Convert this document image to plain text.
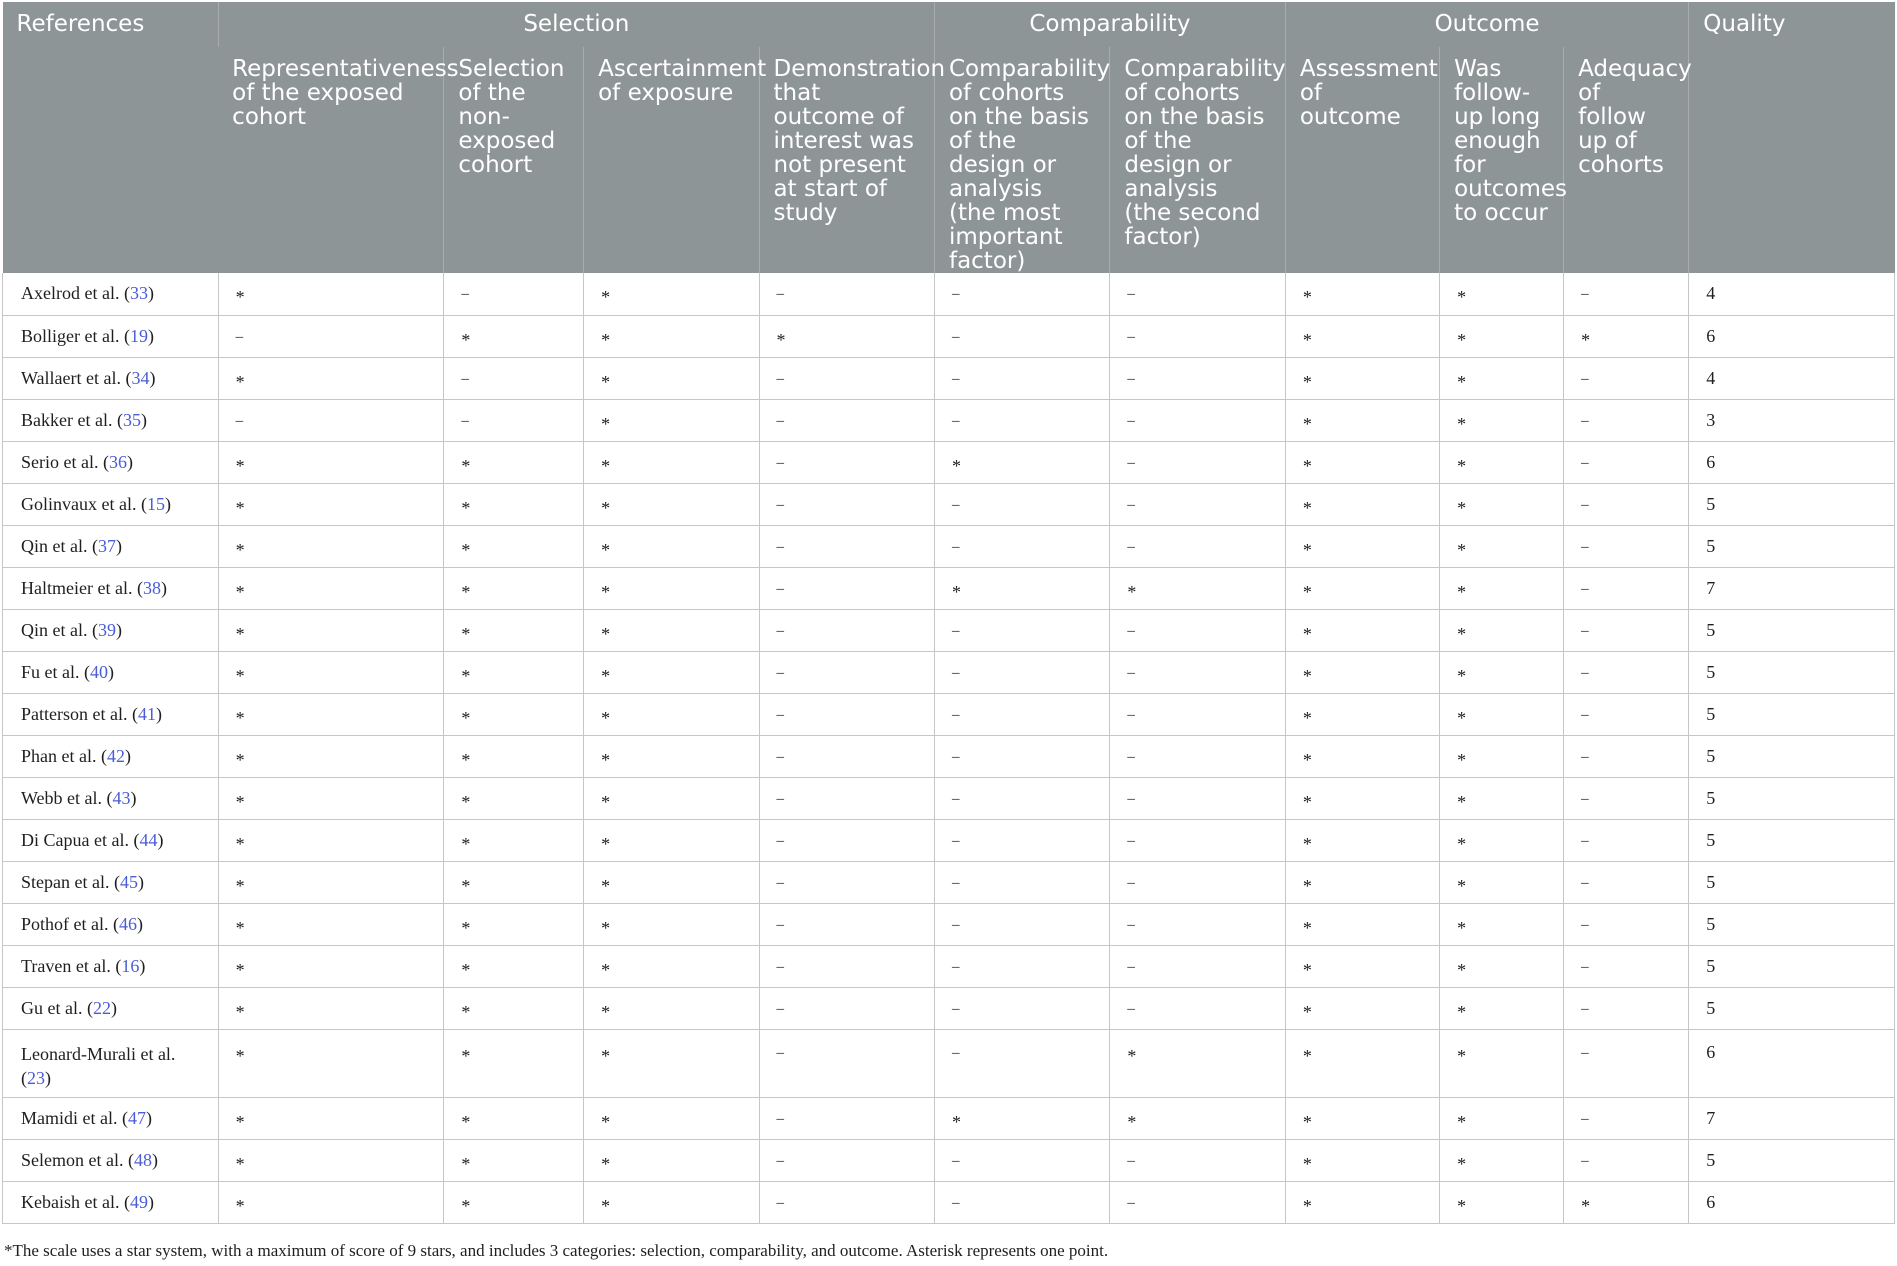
References	Selection				Comparability		Outcome			Quality
	Representativeness of the exposed cohort	Selection of the non-exposed cohort	Ascertainment of exposure	Demonstration that outcome of interest was not present at start of study	Comparability of cohorts on the basis of the design or analysis (the most important factor)	Comparability of cohorts on the basis of the design or analysis (the second factor)	Assessment of outcome	Was follow-up long enough for outcomes to occur	Adequacy of follow up of cohorts	
Axelrod et al. (33)	*	–	*	–	–	–	*	*	–	4
Bolliger et al. (19)	–	*	*	*	–	–	*	*	*	6
Wallaert et al. (34)	*	–	*	–	–	–	*	*	–	4
Bakker et al. (35)	–	–	*	–	–	–	*	*	–	3
Serio et al. (36)	*	*	*	–	*	–	*	*	–	6
Golinvaux et al. (15)	*	*	*	–	–	–	*	*	–	5
Qin et al. (37)	*	*	*	–	–	–	*	*	–	5
Haltmeier et al. (38)	*	*	*	–	*	*	*	*	–	7
Qin et al. (39)	*	*	*	–	–	–	*	*	–	5
Fu et al. (40)	*	*	*	–	–	–	*	*	–	5
Patterson et al. (41)	*	*	*	–	–	–	*	*	–	5
Phan et al. (42)	*	*	*	–	–	–	*	*	–	5
Webb et al. (43)	*	*	*	–	–	–	*	*	–	5
Di Capua et al. (44)	*	*	*	–	–	–	*	*	–	5
Stepan et al. (45)	*	*	*	–	–	–	*	*	–	5
Pothof et al. (46)	*	*	*	–	–	–	*	*	–	5
Traven et al. (16)	*	*	*	–	–	–	*	*	–	5
Gu et al. (22)	*	*	*	–	–	–	*	*	–	5
Leonard-Murali et al. (23)	*	*	*	–	–	*	*	*	–	6
Mamidi et al. (47)	*	*	*	–	*	*	*	*	–	7
Selemon et al. (48)	*	*	*	–	–	–	*	*	–	5
Kebaish et al. (49)	*	*	*	–	–	–	*	*	*	6
*The scale uses a star system, with a maximum of score of 9 stars, and includes 3 categories: selection, comparability, and outcome. Asterisk represents one point.
